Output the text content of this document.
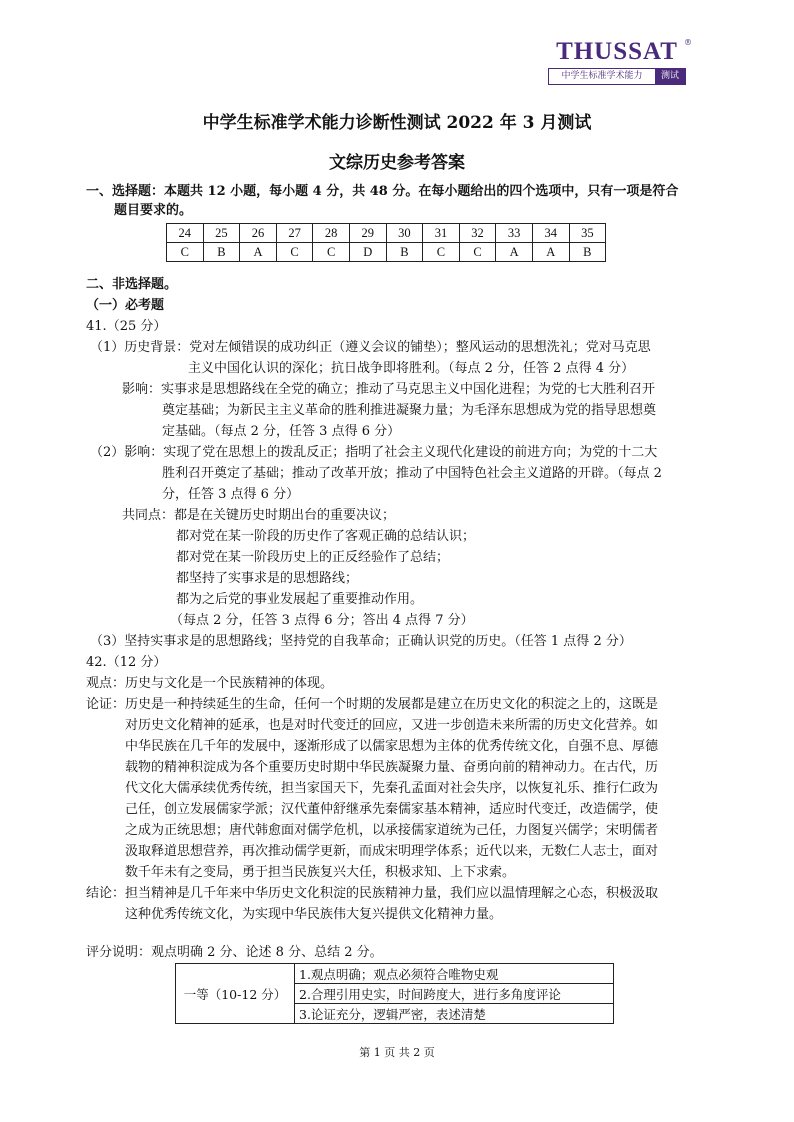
THUSSAT ®
中学生标准学术能力	测试
中学生标准学术能力诊断性测试 2022 年 3 月测试
文综历史参考答案
一、选择题：本题共 12 小题，每小题 4 分，共 48 分。在每小题给出的四个选项中，只有一项是符合
题目要求的。
24	25	26	27	28	29	30	31	32	33	34	35
C	B	A	C	C	D	B	C	C	A	A	B
二、非选择题。
（一）必考题
41.（25 分）
（1）历史背景：党对左倾错误的成功纠正（遵义会议的铺垫）；整风运动的思想洗礼；党对马克思
主义中国化认识的深化；抗日战争即将胜利。（每点 2 分，任答 2 点得 4 分）
影响：实事求是思想路线在全党的确立；推动了马克思主义中国化进程；为党的七大胜利召开
奠定基础；为新民主主义革命的胜利推进凝聚力量；为毛泽东思想成为党的指导思想奠
定基础。（每点 2 分，任答 3 点得 6 分）
（2）影响：实现了党在思想上的拨乱反正；指明了社会主义现代化建设的前进方向；为党的十二大
胜利召开奠定了基础；推动了改革开放；推动了中国特色社会主义道路的开辟。（每点 2
分，任答 3 点得 6 分）
共同点：都是在关键历史时期出台的重要决议；
都对党在某一阶段的历史作了客观正确的总结认识；
都对党在某一阶段历史上的正反经验作了总结；
都坚持了实事求是的思想路线；
都为之后党的事业发展起了重要推动作用。
（每点 2 分，任答 3 点得 6 分；答出 4 点得 7 分）
（3）坚持实事求是的思想路线；坚持党的自我革命；正确认识党的历史。（任答 1 点得 2 分）
42.（12 分）
观点：历史与文化是一个民族精神的体现。
论证：历史是一种持续延生的生命，任何一个时期的发展都是建立在历史文化的积淀之上的，这既是
对历史文化精神的延承，也是对时代变迁的回应，又进一步创造未来所需的历史文化营养。如
中华民族在几千年的发展中，逐渐形成了以儒家思想为主体的优秀传统文化，自强不息、厚德
载物的精神积淀成为各个重要历史时期中华民族凝聚力量、奋勇向前的精神动力。在古代，历
代文化大儒承续优秀传统，担当家国天下，先秦孔孟面对社会失序，以恢复礼乐、推行仁政为
己任，创立发展儒家学派；汉代董仲舒继承先秦儒家基本精神，适应时代变迁，改造儒学，使
之成为正统思想；唐代韩愈面对儒学危机，以承接儒家道统为己任，力图复兴儒学；宋明儒者
汲取释道思想营养，再次推动儒学更新，而成宋明理学体系；近代以来，无数仁人志士，面对
数千年未有之变局，勇于担当民族复兴大任，积极求知、上下求索。
结论：担当精神是几千年来中华历史文化积淀的民族精神力量，我们应以温情理解之心态，积极汲取
这种优秀传统文化，为实现中华民族伟大复兴提供文化精神力量。
评分说明：观点明确 2 分、论述 8 分、总结 2 分。
一等（10-12 分）	1.观点明确；观点必须符合唯物史观
2.合理引用史实，时间跨度大，进行多角度评论
3.论证充分，逻辑严密，表述清楚
第 1 页 共 2 页
